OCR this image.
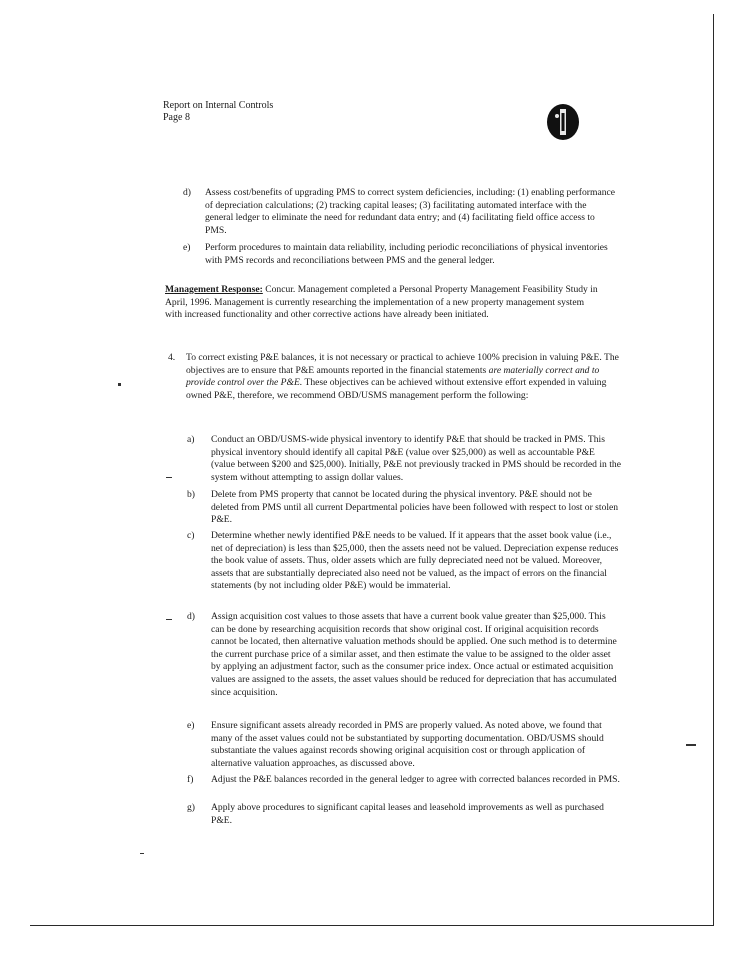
Report on Internal Controls
Page 8
d) Assess cost/benefits of upgrading PMS to correct system deficiencies, including: (1) enabling performance of depreciation calculations; (2) tracking capital leases; (3) facilitating automated interface with the general ledger to eliminate the need for redundant data entry; and (4) facilitating field office access to PMS.
e) Perform procedures to maintain data reliability, including periodic reconciliations of physical inventories with PMS records and reconciliations between PMS and the general ledger.
Management Response: Concur. Management completed a Personal Property Management Feasibility Study in April, 1996. Management is currently researching the implementation of a new property management system with increased functionality and other corrective actions have already been initiated.
4. To correct existing P&E balances, it is not necessary or practical to achieve 100% precision in valuing P&E. The objectives are to ensure that P&E amounts reported in the financial statements are materially correct and to provide control over the P&E. These objectives can be achieved without extensive effort expended in valuing owned P&E, therefore, we recommend OBD/USMS management perform the following:
a) Conduct an OBD/USMS-wide physical inventory to identify P&E that should be tracked in PMS. This physical inventory should identify all capital P&E (value over $25,000) as well as accountable P&E (value between $200 and $25,000). Initially, P&E not previously tracked in PMS should be recorded in the system without attempting to assign dollar values.
b) Delete from PMS property that cannot be located during the physical inventory. P&E should not be deleted from PMS until all current Departmental policies have been followed with respect to lost or stolen P&E.
c) Determine whether newly identified P&E needs to be valued. If it appears that the asset book value (i.e., net of depreciation) is less than $25,000, then the assets need not be valued. Depreciation expense reduces the book value of assets. Thus, older assets which are fully depreciated need not be valued. Moreover, assets that are substantially depreciated also need not be valued, as the impact of errors on the financial statements (by not including older P&E) would be immaterial.
d) Assign acquisition cost values to those assets that have a current book value greater than $25,000. This can be done by researching acquisition records that show original cost. If original acquisition records cannot be located, then alternative valuation methods should be applied. One such method is to determine the current purchase price of a similar asset, and then estimate the value to be assigned to the older asset by applying an adjustment factor, such as the consumer price index. Once actual or estimated acquisition values are assigned to the assets, the asset values should be reduced for depreciation that has accumulated since acquisition.
e) Ensure significant assets already recorded in PMS are properly valued. As noted above, we found that many of the asset values could not be substantiated by supporting documentation. OBD/USMS should substantiate the values against records showing original acquisition cost or through application of alternative valuation approaches, as discussed above.
f) Adjust the P&E balances recorded in the general ledger to agree with corrected balances recorded in PMS.
g) Apply above procedures to significant capital leases and leasehold improvements as well as purchased P&E.
